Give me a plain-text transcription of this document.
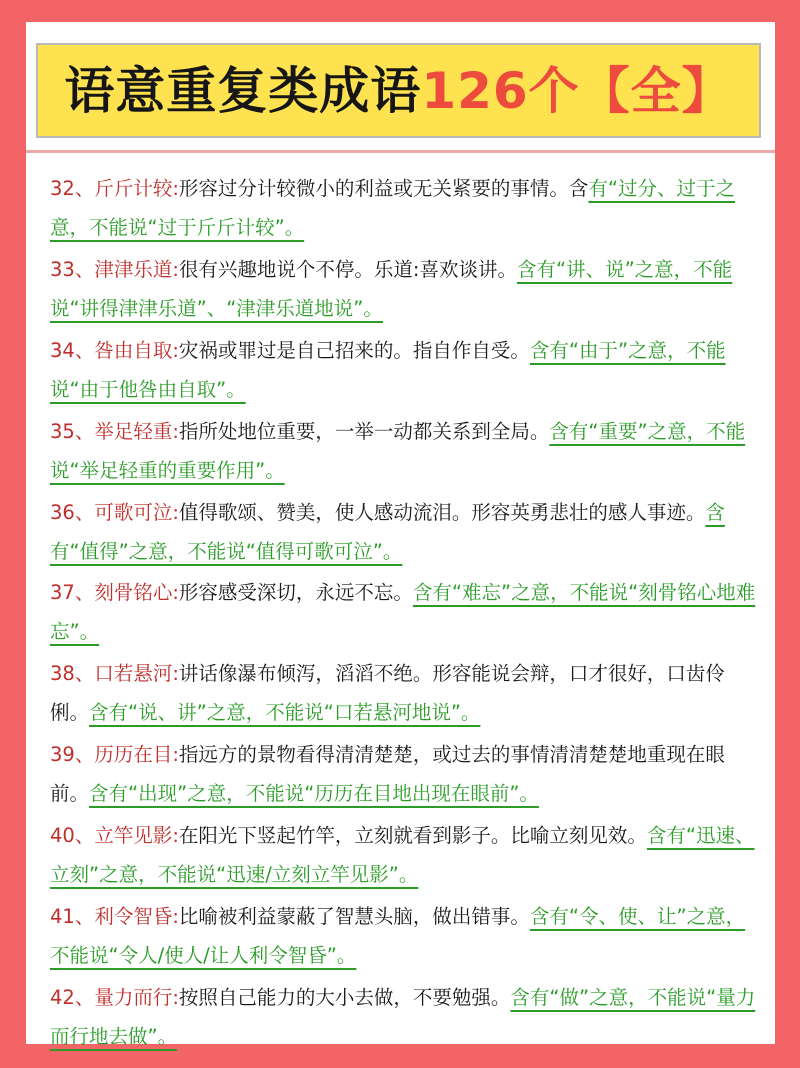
语意重复类成语126个【全】
32、斤斤计较:形容过分计较微小的利益或无关紧要的事情。含有“过分、过于之意，不能说“过于斤斤计较”。
33、津津乐道:很有兴趣地说个不停。乐道:喜欢谈讲。含有“讲、说”之意，不能说“讲得津津乐道”、“津津乐道地说”。
34、咎由自取:灾祸或罪过是自己招来的。指自作自受。含有“由于”之意，不能说“由于他咎由自取”。
35、举足轻重:指所处地位重要，一举一动都关系到全局。含有“重要”之意，不能说“举足轻重的重要作用”。
36、可歌可泣:值得歌颂、赞美，使人感动流泪。形容英勇悲壮的感人事迹。含有“值得”之意，不能说“值得可歌可泣”。
37、刻骨铭心:形容感受深切，永远不忘。含有“难忘”之意，不能说“刻骨铭心地难忘”。
38、口若悬河:讲话像瀑布倾泻，滔滔不绝。形容能说会辩，口才很好，口齿伶俐。含有“说、讲”之意，不能说“口若悬河地说”。
39、历历在目:指远方的景物看得清清楚楚，或过去的事情清清楚楚地重现在眼前。含有“出现”之意，不能说“历历在目地出现在眼前”。
40、立竿见影:在阳光下竖起竹竿，立刻就看到影子。比喻立刻见效。含有“迅速、立刻”之意，不能说“迅速/立刻立竿见影”。
41、利令智昏:比喻被利益蒙蔽了智慧头脑，做出错事。含有“令、使、让”之意，不能说“令人/使人/让人利令智昏”。
42、量力而行:按照自己能力的大小去做，不要勉强。含有“做”之意，不能说“量力而行地去做”。
